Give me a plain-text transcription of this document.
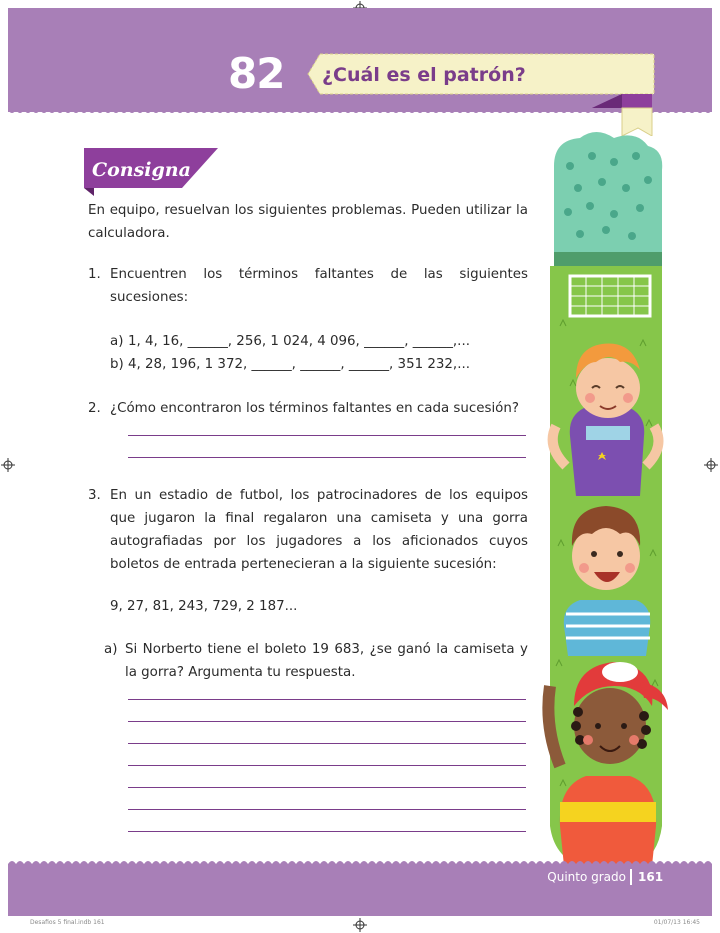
82	¿Cuál es el patrón?
Consigna
En equipo, resuelvan los siguientes problemas. Pueden utilizar la calculadora.
1. Encuentren los términos faltantes de las siguientes sucesiones:
a) 1, 4, 16, ______, 256, 1 024, 4 096, ______, ______,...
b) 4, 28, 196, 1 372, ______, ______, ______, 351 232,...
2. ¿Cómo encontraron los términos faltantes en cada sucesión?
3. En un estadio de futbol, los patrocinadores de los equipos que jugaron la final regalaron una camiseta y una gorra autografiadas por los jugadores a los aficionados cuyos boletos de entrada pertenecieran a la siguiente sucesión:
9, 27, 81, 243, 729, 2 187...
a) Si Norberto tiene el boleto 19 683, ¿se ganó la camiseta y la gorra? Argumenta tu respuesta.
Quinto grado 161
Desafios 5 final.indb 161	01/07/13 16:45
